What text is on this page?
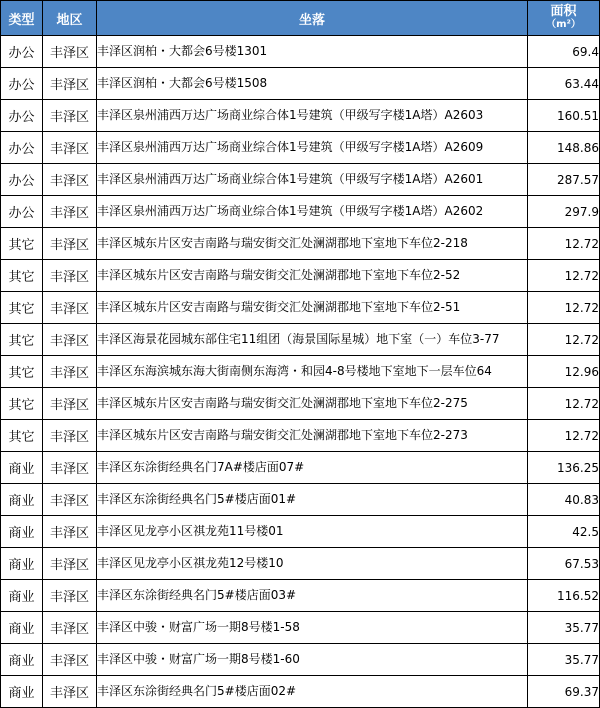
类型	地区	坐落	面积
（m²）

办公	丰泽区	丰泽区润柏・大都会6号楼1301	69.4
办公	丰泽区	丰泽区润柏・大都会6号楼1508	63.44
办公	丰泽区	丰泽区泉州浦西万达广场商业综合体1号建筑（甲级写字楼1A塔）A2603	160.51
办公	丰泽区	丰泽区泉州浦西万达广场商业综合体1号建筑（甲级写字楼1A塔）A2609	148.86
办公	丰泽区	丰泽区泉州浦西万达广场商业综合体1号建筑（甲级写字楼1A塔）A2601	287.57
办公	丰泽区	丰泽区泉州浦西万达广场商业综合体1号建筑（甲级写字楼1A塔）A2602	297.9
其它	丰泽区	丰泽区城东片区安吉南路与瑞安街交汇处澜湖郡地下室地下车位2-218	12.72
其它	丰泽区	丰泽区城东片区安吉南路与瑞安街交汇处澜湖郡地下室地下车位2-52	12.72
其它	丰泽区	丰泽区城东片区安吉南路与瑞安街交汇处澜湖郡地下室地下车位2-51	12.72
其它	丰泽区	丰泽区海景花园城东部住宅11组团（海景国际星城）地下室（一）车位3-77	12.72
其它	丰泽区	丰泽区东海滨城东海大街南侧东海湾・和园4-8号楼地下室地下一层车位64	12.96
其它	丰泽区	丰泽区城东片区安吉南路与瑞安街交汇处澜湖郡地下室地下车位2-275	12.72
其它	丰泽区	丰泽区城东片区安吉南路与瑞安街交汇处澜湖郡地下室地下车位2-273	12.72
商业	丰泽区	丰泽区东涂街经典名门7A#楼店面07#	136.25
商业	丰泽区	丰泽区东涂街经典名门5#楼店面01#	40.83
商业	丰泽区	丰泽区见龙亭小区祺龙苑11号楼01	42.5
商业	丰泽区	丰泽区见龙亭小区祺龙苑12号楼10	67.53
商业	丰泽区	丰泽区东涂街经典名门5#楼店面03#	116.52
商业	丰泽区	丰泽区中骏・财富广场一期8号楼1-58	35.77
商业	丰泽区	丰泽区中骏・财富广场一期8号楼1-60	35.77
商业	丰泽区	丰泽区东涂街经典名门5#楼店面02#	69.37
